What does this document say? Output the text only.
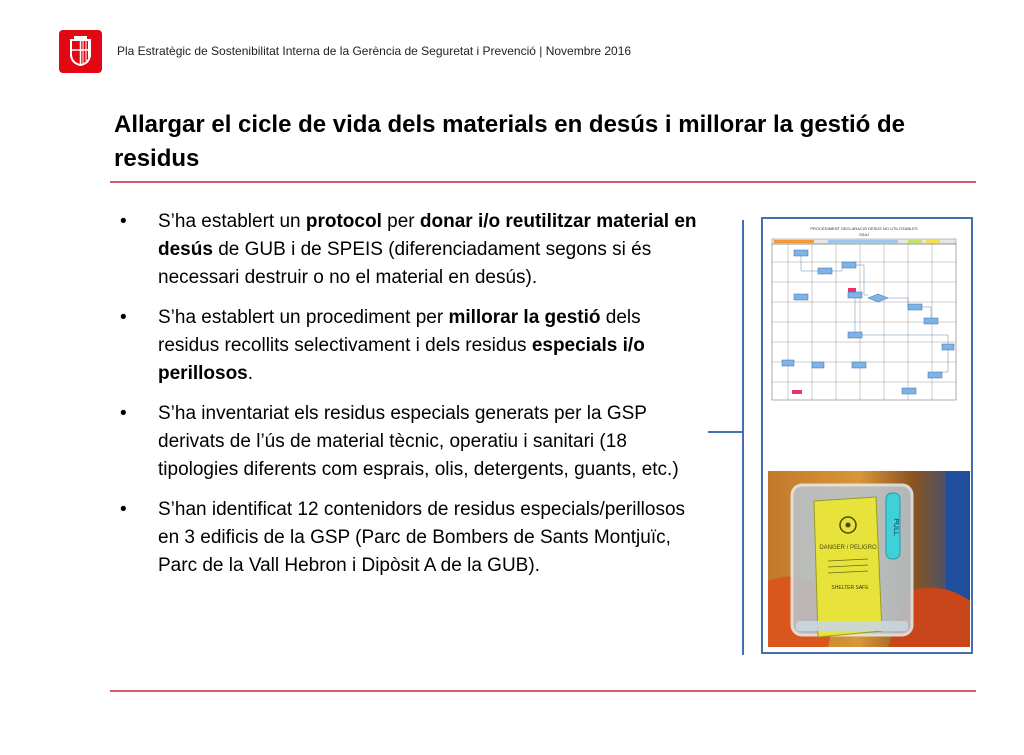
Pla Estratègic de Sostenibilitat Interna de la Gerència de Seguretat i Prevenció | Novembre 2016
Allargar el cicle de vida dels materials en desús i millorar la gestió de residus
• S’ha establert un protocol per donar i/o reutilitzar material en desús de GUB i de SPEIS (diferenciadament segons si és necessari destruir o no el material en desús).
• S’ha establert un procediment per millorar la gestió dels residus recollits selectivament i dels residus especials i/o perillosos.
• S’ha inventariat els residus especials generats per la GSP derivats de l’ús de material tècnic, operatiu i sanitari (18 tipologies diferents com esprais, olis, detergents, guants, etc.)
• S’han identificat 12 contenidors de residus especials/perillosos en 3 edificis de la GSP (Parc de Bombers de Sants Montjuïc, Parc de la Vall Hebron i Dipòsit A de la GUB).
PROCEDIMENT DECLARACIÓ DESÚS NO UTILITZABLES
SSAJ
PULL
DANGER / PELIGRO
SHELTER SAFE
